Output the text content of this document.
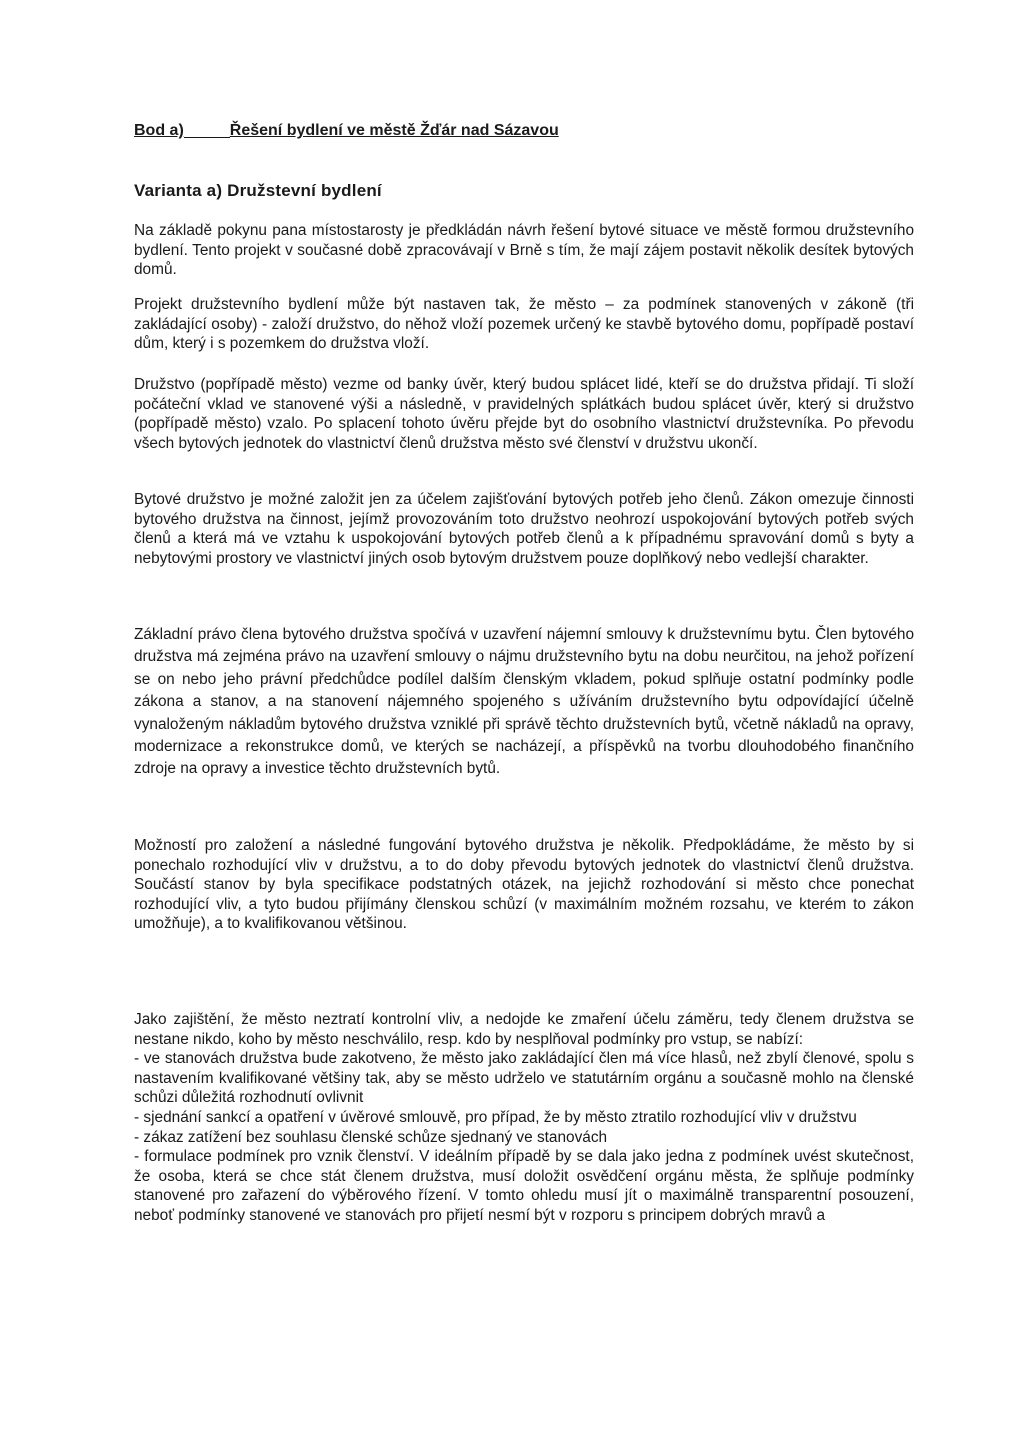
Bod a)	Řešení bydlení ve městě Žďár nad Sázavou
Varianta a) Družstevní bydlení

Na základě pokynu pana místostarosty je předkládán návrh řešení bytové situace ve městě formou družstevního bydlení. Tento projekt v současné době zpracovávají v Brně s tím, že mají zájem postavit několik desítek bytových domů.

Projekt družstevního bydlení může být nastaven tak, že město – za podmínek stanovených v zákoně (tři zakládající osoby) - založí družstvo, do něhož vloží pozemek určený ke stavbě bytového domu, popřípadě postaví dům, který i s pozemkem do družstva vloží.

Družstvo (popřípadě město) vezme od banky úvěr, který budou splácet lidé, kteří se do družstva přidají. Ti složí počáteční vklad ve stanovené výši a následně, v pravidelných splátkách budou splácet úvěr, který si družstvo (popřípadě město) vzalo. Po splacení tohoto úvěru přejde byt do osobního vlastnictví družstevníka. Po převodu všech bytových jednotek do vlastnictví členů družstva město své členství v družstvu ukončí.

Bytové družstvo je možné založit jen za účelem zajišťování bytových potřeb jeho členů. Zákon omezuje činnosti bytového družstva na činnost, jejímž provozováním toto družstvo neohrozí uspokojování bytových potřeb svých členů a která má ve vztahu k uspokojování bytových potřeb členů a k případnému spravování domů s byty a nebytovými prostory ve vlastnictví jiných osob bytovým družstvem pouze doplňkový nebo vedlejší charakter.

Základní právo člena bytového družstva spočívá v uzavření nájemní smlouvy k družstevnímu bytu. Člen bytového družstva má zejména právo na uzavření smlouvy o nájmu družstevního bytu na dobu neurčitou, na jehož pořízení se on nebo jeho právní předchůdce podílel dalším členským vkladem, pokud splňuje ostatní podmínky podle zákona a stanov, a na stanovení nájemného spojeného s užíváním družstevního bytu odpovídající účelně vynaloženým nákladům bytového družstva vzniklé při správě těchto družstevních bytů, včetně nákladů na opravy, modernizace a rekonstrukce domů, ve kterých se nacházejí, a příspěvků na tvorbu dlouhodobého finančního zdroje na opravy a investice těchto družstevních bytů.

Možností pro založení a následné fungování bytového družstva je několik. Předpokládáme, že město by si ponechalo rozhodující vliv v družstvu, a to do doby převodu bytových jednotek do vlastnictví členů družstva. Součástí stanov by byla specifikace podstatných otázek, na jejichž rozhodování si město chce ponechat rozhodující vliv, a tyto budou přijímány členskou schůzí (v maximálním možném rozsahu, ve kterém to zákon umožňuje), a to kvalifikovanou většinou.

Jako zajištění, že město neztratí kontrolní vliv, a nedojde ke zmaření účelu záměru, tedy členem družstva se nestane nikdo, koho by město neschválilo, resp. kdo by nesplňoval podmínky pro vstup, se nabízí:

- ve stanovách družstva bude zakotveno, že město jako zakládající člen má více hlasů, než zbylí členové, spolu s nastavením kvalifikované většiny tak, aby se město udrželo ve statutárním orgánu a současně mohlo na členské schůzi důležitá rozhodnutí ovlivnit
- sjednání sankcí a opatření v úvěrové smlouvě, pro případ, že by město ztratilo rozhodující vliv v družstvu
- zákaz zatížení bez souhlasu členské schůze sjednaný ve stanovách
- formulace podmínek pro vznik členství. V ideálním případě by se dala jako jedna z podmínek uvést skutečnost, že osoba, která se chce stát členem družstva, musí doložit osvědčení orgánu města, že splňuje podmínky stanovené pro zařazení do výběrového řízení. V tomto ohledu musí jít o maximálně transparentní posouzení, neboť podmínky stanovené ve stanovách pro přijetí nesmí být v rozporu s principem dobrých mravů a
